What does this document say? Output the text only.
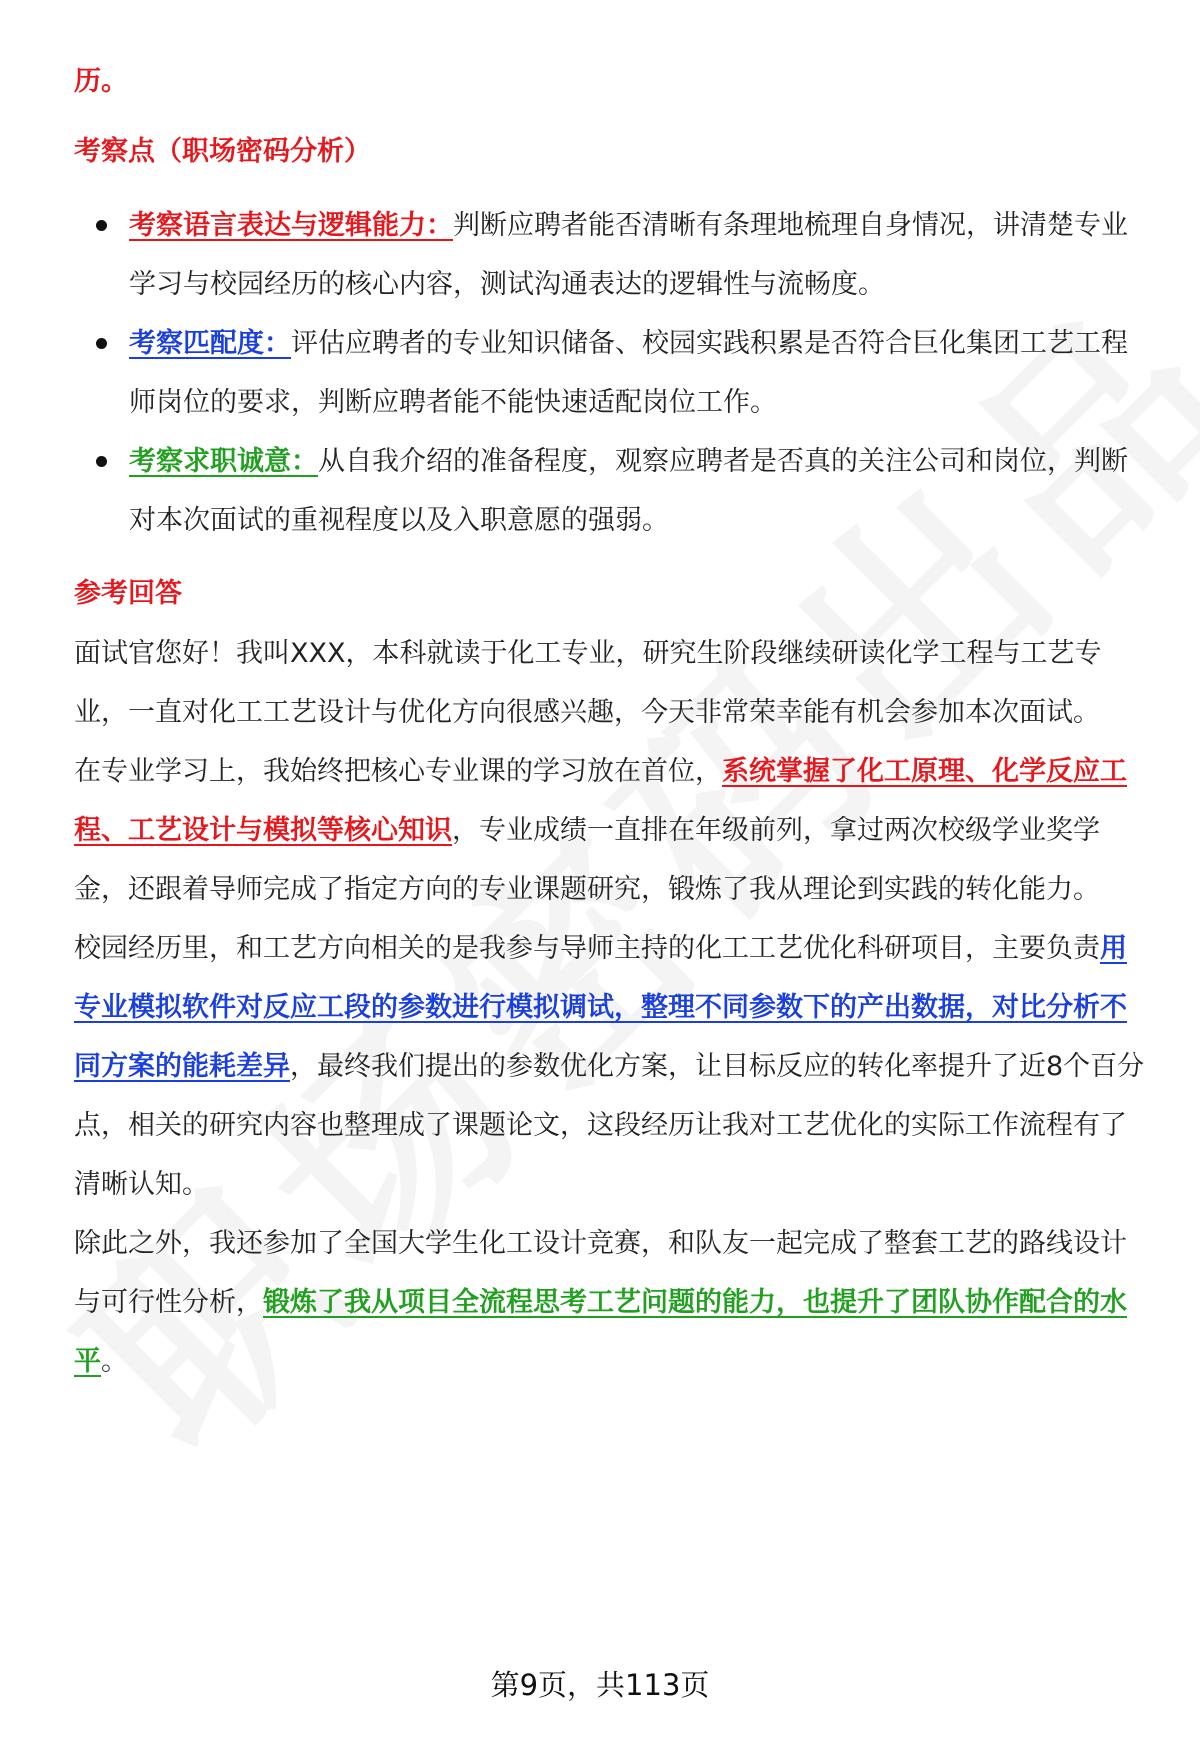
历。

考察点（职场密码分析）

考察语言表达与逻辑能力：判断应聘者能否清晰有条理地梳理自身情况，讲清楚专业学习与校园经历的核心内容，测试沟通表达的逻辑性与流畅度。
考察匹配度：评估应聘者的专业知识储备、校园实践积累是否符合巨化集团工艺工程师岗位的要求，判断应聘者能不能快速适配岗位工作。
考察求职诚意：从自我介绍的准备程度，观察应聘者是否真的关注公司和岗位，判断对本次面试的重视程度以及入职意愿的强弱。

参考回答

面试官您好！我叫XXX，本科就读于化工专业，研究生阶段继续研读化学工程与工艺专业，一直对化工工艺设计与优化方向很感兴趣，今天非常荣幸能有机会参加本次面试。

在专业学习上，我始终把核心专业课的学习放在首位，系统掌握了化工原理、化学反应工程、工艺设计与模拟等核心知识，专业成绩一直排在年级前列，拿过两次校级学业奖学金，还跟着导师完成了指定方向的专业课题研究，锻炼了我从理论到实践的转化能力。

校园经历里，和工艺方向相关的是我参与导师主持的化工工艺优化科研项目，主要负责用专业模拟软件对反应工段的参数进行模拟调试，整理不同参数下的产出数据，对比分析不同方案的能耗差异，最终我们提出的参数优化方案，让目标反应的转化率提升了近8个百分点，相关的研究内容也整理成了课题论文，这段经历让我对工艺优化的实际工作流程有了清晰认知。

除此之外，我还参加了全国大学生化工设计竞赛，和队友一起完成了整套工艺的路线设计与可行性分析，锻炼了我从项目全流程思考工艺问题的能力，也提升了团队协作配合的水平。

第9页，共113页
